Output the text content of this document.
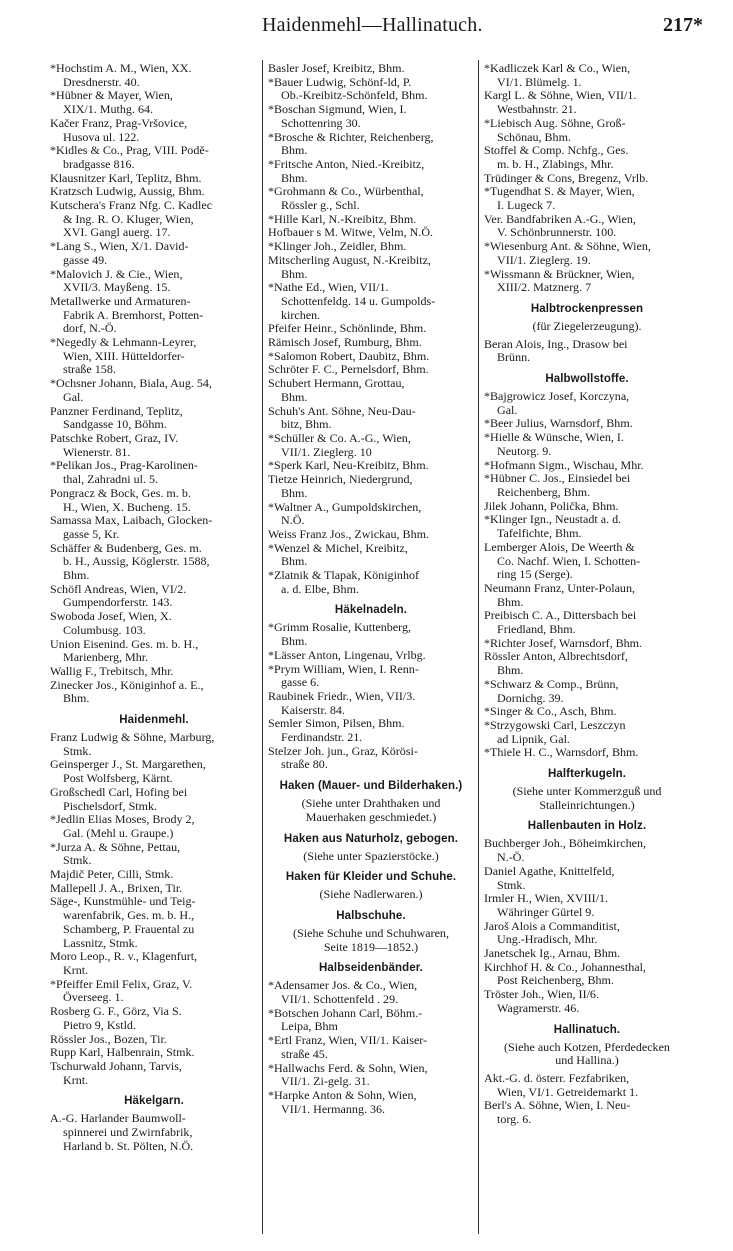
Haidenmehl—Hallinatuch.	217*
*Hochstim A. M., Wien, XX.
Dresdnerstr. 40.
*Hübner & Mayer, Wien,
XIX/1. Muthg. 64.
Kačer Franz, Prag-Vršovice,
Husova ul. 122.
*Kidles & Co., Prag, VIII. Podě-
bradgasse 816.
Klausnitzer Karl, Teplitz, Bhm.
Kratzsch Ludwig, Aussig, Bhm.
Kutschera's Franz Nfg. C. Kadlec
& Ing. R. O. Kluger, Wien,
XVI. Gangl auerg. 17.
*Lang S., Wien, X/1. David-
gasse 49.
*Malovich J. & Cie., Wien,
XVII/3. Mayßeng. 15.
Metallwerke und Armaturen-
Fabrik A. Bremhorst, Potten-
dorf, N.-Ö.
*Negedly & Lehmann-Leyrer,
Wien, XIII. Hütteldorfer-
straße 158.
*Ochsner Johann, Biala, Aug. 54,
Gal.
Panzner Ferdinand, Teplitz,
Sandgasse 10, Böhm.
Patschke Robert, Graz, IV.
Wienerstr. 81.
*Pelikan Jos., Prag-Karolinen-
thal, Zahradni ul. 5.
Pongracz & Bock, Ges. m. b.
H., Wien, X. Bucheng. 15.
Samassa Max, Laibach, Glocken-
gasse 5, Kr.
Schäffer & Budenberg, Ges. m.
b. H., Aussig, Köglerstr. 1588,
Bhm.
Schöfl Andreas, Wien, VI/2.
Gumpendorferstr. 143.
Swoboda Josef, Wien, X.
Columbusg. 103.
Union Eisenind. Ges. m. b. H.,
Marienberg, Mhr.
Wallig F., Trebitsch, Mhr.
Zinecker Jos., Königinhof a. E.,
Bhm.
Haidenmehl.
Franz Ludwig & Söhne, Marburg,
Stmk.
Geinsperger J., St. Margarethen,
Post Wolfsberg, Kärnt.
Großschedl Carl, Hofing bei
Pischelsdorf, Stmk.
*Jedlin Elias Moses, Brody 2,
Gal. (Mehl u. Graupe.)
*Jurza A. & Söhne, Pettau,
Stmk.
Majdič Peter, Cilli, Stmk.
Mallepell J. A., Brixen, Tir.
Säge-, Kunstmühle- und Teig-
warenfabrik, Ges. m. b. H.,
Schamberg, P. Frauental zu
Lassnitz, Stmk.
Moro Leop., R. v., Klagenfurt,
Krnt.
*Pfeiffer Emil Felix, Graz, V.
Överseeg. 1.
Rosberg G. F., Görz, Via S.
Pietro 9, Kstld.
Rössler Jos., Bozen, Tir.
Rupp Karl, Halbenrain, Stmk.
Tschurwald Johann, Tarvis,
Krnt.
Häkelgarn.
A.-G. Harlander Baumwoll-
spinnerei und Zwirnfabrik,
Harland b. St. Pölten, N.Ö.
Basler Josef, Kreibitz, Bhm.
*Bauer Ludwig, Schönf-ld, P.
Ob.-Kreibitz-Schönfeld, Bhm.
*Boschan Sigmund, Wien, I.
Schottenring 30.
*Brosche & Richter, Reichenberg,
Bhm.
*Fritsche Anton, Nied.-Kreibitz,
Bhm.
*Grohmann & Co., Würbenthal,
Rössler g., Schl.
*Hille Karl, N.-Kreibitz, Bhm.
Hofbauer s M. Witwe, Velm, N.Ö.
*Klinger Joh., Zeidler, Bhm.
Mitscherling August, N.-Kreibitz,
Bhm.
*Nathe Ed., Wien, VII/1.
Schottenfeldg. 14 u. Gumpolds-
kirchen.
Pfeifer Heinr., Schönlinde, Bhm.
Rämisch Josef, Rumburg, Bhm.
*Salomon Robert, Daubitz, Bhm.
Schröter F. C., Pernelsdorf, Bhm.
Schubert Hermann, Grottau,
Bhm.
Schuh's Ant. Söhne, Neu-Dau-
bitz, Bhm.
*Schüller & Co. A.-G., Wien,
VII/1. Zieglerg. 10
*Sperk Karl, Neu-Kreibitz, Bhm.
Tietze Heinrich, Niedergrund,
Bhm.
*Waltner A., Gumpoldskirchen,
N.Ö.
Weiss Franz Jos., Zwickau, Bhm.
*Wenzel & Michel, Kreibitz,
Bhm.
*Zlatnik & Tlapak, Königinhof
a. d. Elbe, Bhm.
Häkelnadeln.
*Grimm Rosalie, Kuttenberg,
Bhm.
*Lässer Anton, Lingenau, Vrlbg.
*Prym William, Wien, I. Renn-
gasse 6.
Raubinek Friedr., Wien, VII/3.
Kaiserstr. 84.
Semler Simon, Pilsen, Bhm.
Ferdinandstr. 21.
Stelzer Joh. jun., Graz, Körösi-
straße 80.
Haken (Mauer- und Bilderhaken.)
(Siehe unter Drahthaken und
Mauerhaken geschmiedet.)
Haken aus Naturholz, gebogen.
(Siehe unter Spazierstöcke.)
Haken für Kleider und Schuhe.
(Siehe Nadlerwaren.)
Halbschuhe.
(Siehe Schuhe und Schuhwaren,
Seite 1819—1852.)
Halbseidenbänder.
*Adensamer Jos. & Co., Wien,
VII/1. Schottenfeld . 29.
*Botschen Johann Carl, Böhm.-
Leipa, Bhm
*Ertl Franz, Wien, VII/1. Kaiser-
straße 45.
*Hallwachs Ferd. & Sohn, Wien,
VII/1. Zi-gelg. 31.
*Harpke Anton & Sohn, Wien,
VII/1. Hermanng. 36.
*Kadliczek Karl & Co., Wien,
VI/1. Blümelg. 1.
Kargl L. & Söhne, Wien, VII/1.
Westbahnstr. 21.
*Liebisch Aug. Söhne, Groß-
Schönau, Bhm.
Stoffel & Comp. Nchfg., Ges.
m. b. H., Zlabings, Mhr.
Trüdinger & Cons, Bregenz, Vrlb.
*Tugendhat S. & Mayer, Wien,
I. Lugeck 7.
Ver. Bandfabriken A.-G., Wien,
V. Schönbrunnerstr. 100.
*Wiesenburg Ant. & Söhne, Wien,
VII/1. Zieglerg. 19.
*Wissmann & Brückner, Wien,
XIII/2. Matznerg. 7
Halbtrockenpressen
(für Ziegelerzeugung).
Beran Alois, Ing., Drasow bei
Brünn.
Halbwollstoffe.
*Bajgrowicz Josef, Korczyna,
Gal.
*Beer Julius, Warnsdorf, Bhm.
*Hielle & Wünsche, Wien, I.
Neutorg. 9.
*Hofmann Sigm., Wischau, Mhr.
*Hübner C. Jos., Einsiedel bei
Reichenberg, Bhm.
Jilek Johann, Polička, Bhm.
*Klinger Ign., Neustadt a. d.
Tafelfichte, Bhm.
Lemberger Alois, De Weerth &
Co. Nachf. Wien, I. Schotten-
ring 15 (Serge).
Neumann Franz, Unter-Polaun,
Bhm.
Preibisch C. A., Dittersbach bei
Friedland, Bhm.
*Richter Josef, Warnsdorf, Bhm.
Rössler Anton, Albrechtsdorf,
Bhm.
*Schwarz & Comp., Brünn,
Dornichg. 39.
*Singer & Co., Asch, Bhm.
*Strzygowski Carl, Leszczyn
ad Lipnik, Gal.
*Thiele H. C., Warnsdorf, Bhm.
Halfterkugeln.
(Siehe unter Kommerzguß und
Stalleinrichtungen.)
Hallenbauten in Holz.
Buchberger Joh., Böheimkirchen,
N.-Ö.
Daniel Agathe, Knittelfeld,
Stmk.
Irmler H., Wien, XVIII/1.
Währinger Gürtel 9.
Jaroš Alois a Commanditist,
Ung.-Hradisch, Mhr.
Janetschek Ig., Arnau, Bhm.
Kirchhof H. & Co., Johannesthal,
Post Reichenberg, Bhm.
Tröster Joh., Wien, II/6.
Wagramerstr. 46.
Hallinatuch.
(Siehe auch Kotzen, Pferdedecken
und Hallina.)
Akt.-G. d. österr. Fezfabriken,
Wien, VI/1. Getreidemarkt 1.
Berl's A. Söhne, Wien, I. Neu-
torg. 6.
